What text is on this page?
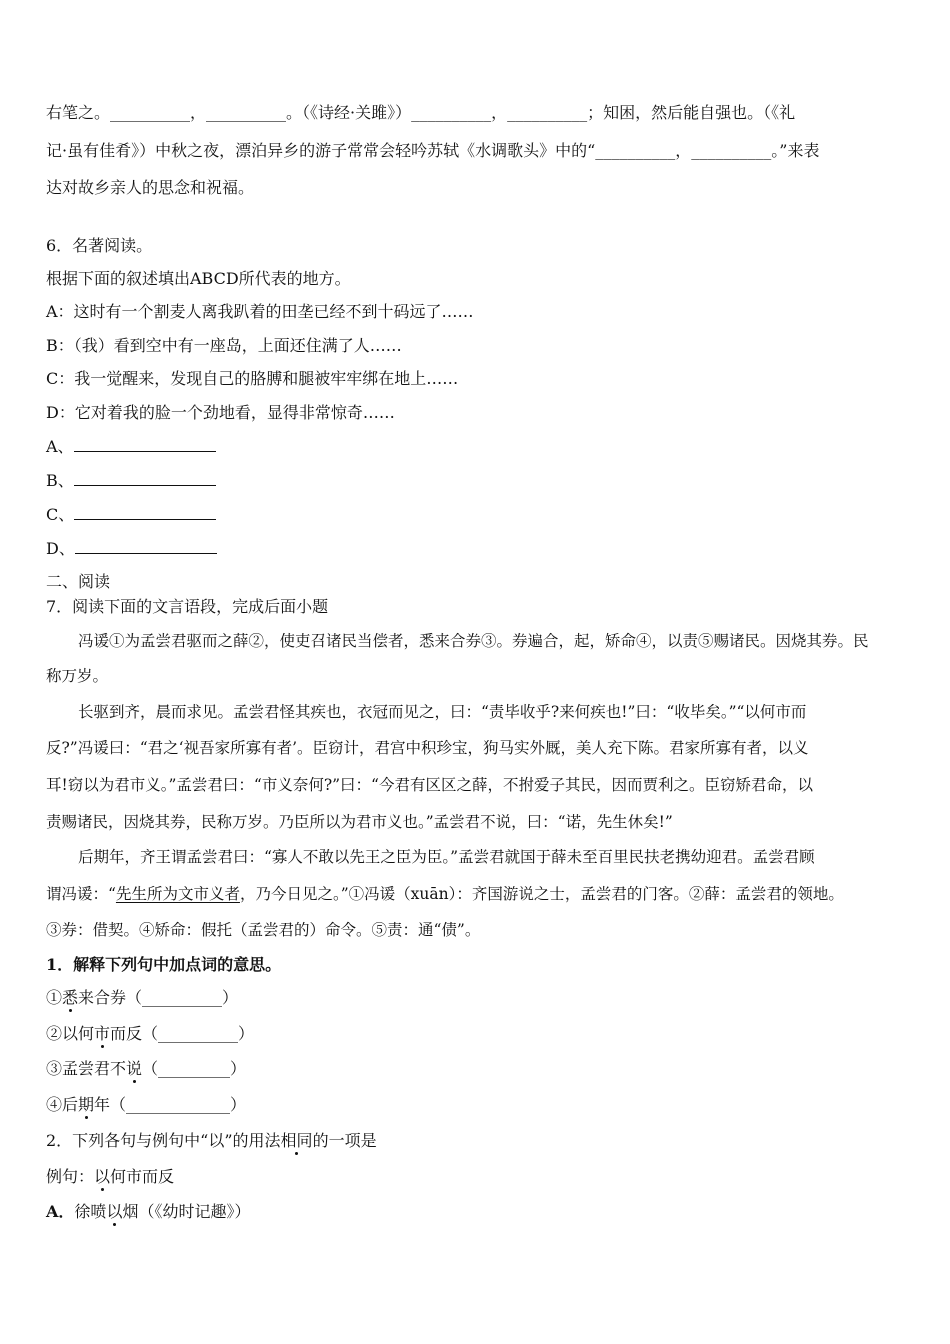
右笔之。__________，__________。（《诗经·关雎》）__________，__________；知困，然后能自强也。（《礼
记·虽有佳肴》）中秋之夜，漂泊异乡的游子常常会轻吟苏轼《水调歌头》中的“__________，__________。”来表
达对故乡亲人的思念和祝福。
6．名著阅读。
根据下面的叙述填出ABCD所代表的地方。
A：这时有一个割麦人离我趴着的田垄已经不到十码远了……
B：（我）看到空中有一座岛，上面还住满了人……
C：我一觉醒来，发现自己的胳膊和腿被牢牢绑在地上……
D：它对着我的脸一个劲地看，显得非常惊奇……
A、
B、
C、
D、
二、阅读
7．阅读下面的文言语段，完成后面小题
冯谖①为孟尝君驱而之薛②，使吏召诸民当偿者，悉来合券③。券遍合，起，矫命④，以责⑤赐诸民。因烧其券。民
称万岁。
长驱到齐，晨而求见。孟尝君怪其疾也，衣冠而见之，曰：“责毕收乎?来何疾也!”曰：“收毕矣。”“以何市而
反?”冯谖曰：“君之‘视吾家所寡有者’。臣窃计，君宫中积珍宝，狗马实外厩，美人充下陈。君家所寡有者，以义
耳!窃以为君市义。”孟尝君曰：“市义奈何?”曰：“今君有区区之薛，不拊爱子其民，因而贾利之。臣窃矫君命，以
责赐诸民，因烧其券，民称万岁。乃臣所以为君市义也。”孟尝君不说，曰：“诺，先生休矣!”
后期年，齐王谓孟尝君曰：“寡人不敢以先王之臣为臣。”孟尝君就国于薛未至百里民扶老携幼迎君。孟尝君顾
谓冯谖：“先生所为文市义者，乃今日见之。”①冯谖（xuān）：齐国游说之士，孟尝君的门客。②薛：孟尝君的领地。
③券：借契。④矫命：假托（孟尝君的）命令。⑤责：通“债”。
1．解释下列句中加点词的意思。
①悉来合券（__________）
②以何市而反（__________）
③孟尝君不说（_________）
④后期年（_____________）
2．下列各句与例句中“以”的用法相同的一项是
例句：以何市而反
A．徐喷以烟（《幼时记趣》）
